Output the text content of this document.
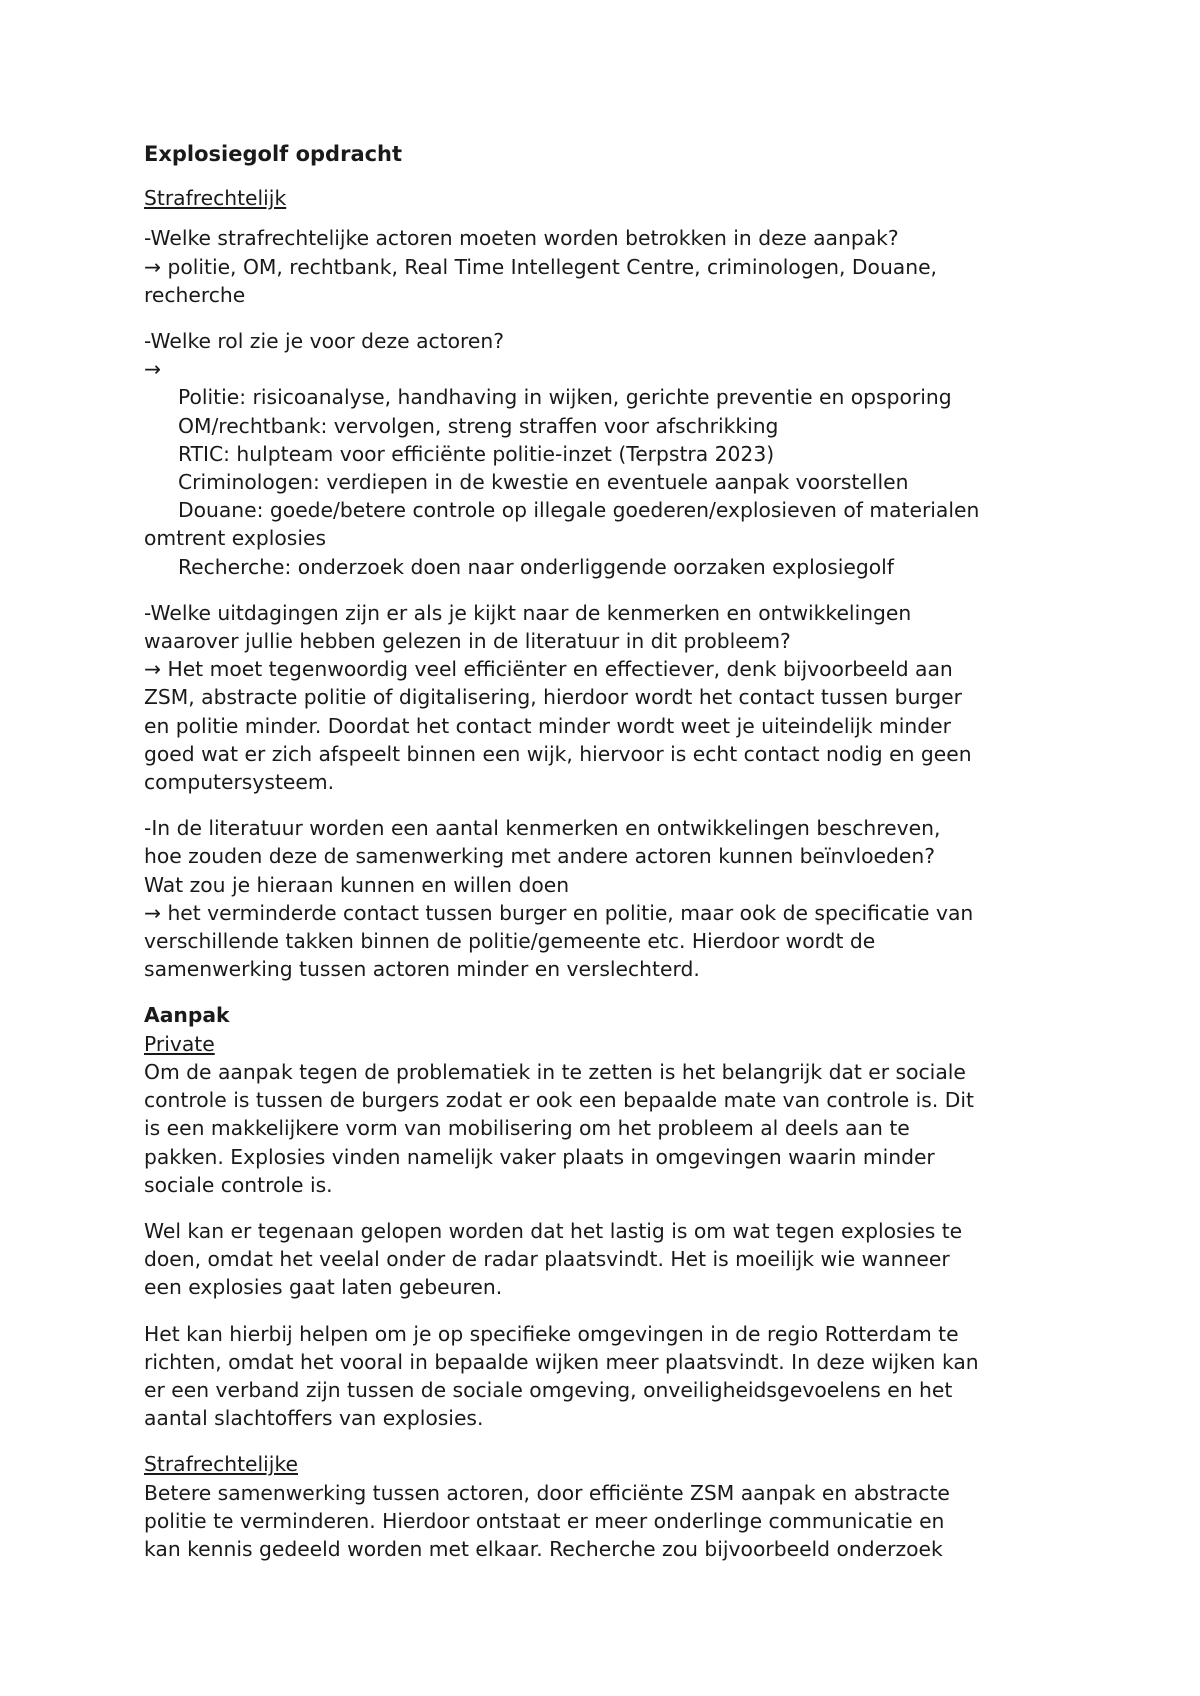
Explosiegolf opdracht
Strafrechtelijk
-Welke strafrechtelijke actoren moeten worden betrokken in deze aanpak?
→ politie, OM, rechtbank, Real Time Intellegent Centre, criminologen, Douane,
recherche
-Welke rol zie je voor deze actoren?
→
Politie: risicoanalyse, handhaving in wijken, gerichte preventie en opsporing
OM/rechtbank: vervolgen, streng straffen voor afschrikking
RTIC: hulpteam voor efficiënte politie-inzet (Terpstra 2023)
Criminologen: verdiepen in de kwestie en eventuele aanpak voorstellen
Douane: goede/betere controle op illegale goederen/explosieven of materialen
omtrent explosies
Recherche: onderzoek doen naar onderliggende oorzaken explosiegolf
-Welke uitdagingen zijn er als je kijkt naar de kenmerken en ontwikkelingen
waarover jullie hebben gelezen in de literatuur in dit probleem?
→ Het moet tegenwoordig veel efficiënter en effectiever, denk bijvoorbeeld aan
ZSM, abstracte politie of digitalisering, hierdoor wordt het contact tussen burger
en politie minder. Doordat het contact minder wordt weet je uiteindelijk minder
goed wat er zich afspeelt binnen een wijk, hiervoor is echt contact nodig en geen
computersysteem.
-In de literatuur worden een aantal kenmerken en ontwikkelingen beschreven,
hoe zouden deze de samenwerking met andere actoren kunnen beïnvloeden?
Wat zou je hieraan kunnen en willen doen
→ het verminderde contact tussen burger en politie, maar ook de specificatie van
verschillende takken binnen de politie/gemeente etc. Hierdoor wordt de
samenwerking tussen actoren minder en verslechterd.
Aanpak
Private
Om de aanpak tegen de problematiek in te zetten is het belangrijk dat er sociale
controle is tussen de burgers zodat er ook een bepaalde mate van controle is. Dit
is een makkelijkere vorm van mobilisering om het probleem al deels aan te
pakken. Explosies vinden namelijk vaker plaats in omgevingen waarin minder
sociale controle is.
Wel kan er tegenaan gelopen worden dat het lastig is om wat tegen explosies te
doen, omdat het veelal onder de radar plaatsvindt. Het is moeilijk wie wanneer
een explosies gaat laten gebeuren.
Het kan hierbij helpen om je op specifieke omgevingen in de regio Rotterdam te
richten, omdat het vooral in bepaalde wijken meer plaatsvindt. In deze wijken kan
er een verband zijn tussen de sociale omgeving, onveiligheidsgevoelens en het
aantal slachtoffers van explosies.
Strafrechtelijke
Betere samenwerking tussen actoren, door efficiënte ZSM aanpak en abstracte
politie te verminderen. Hierdoor ontstaat er meer onderlinge communicatie en
kan kennis gedeeld worden met elkaar. Recherche zou bijvoorbeeld onderzoek
